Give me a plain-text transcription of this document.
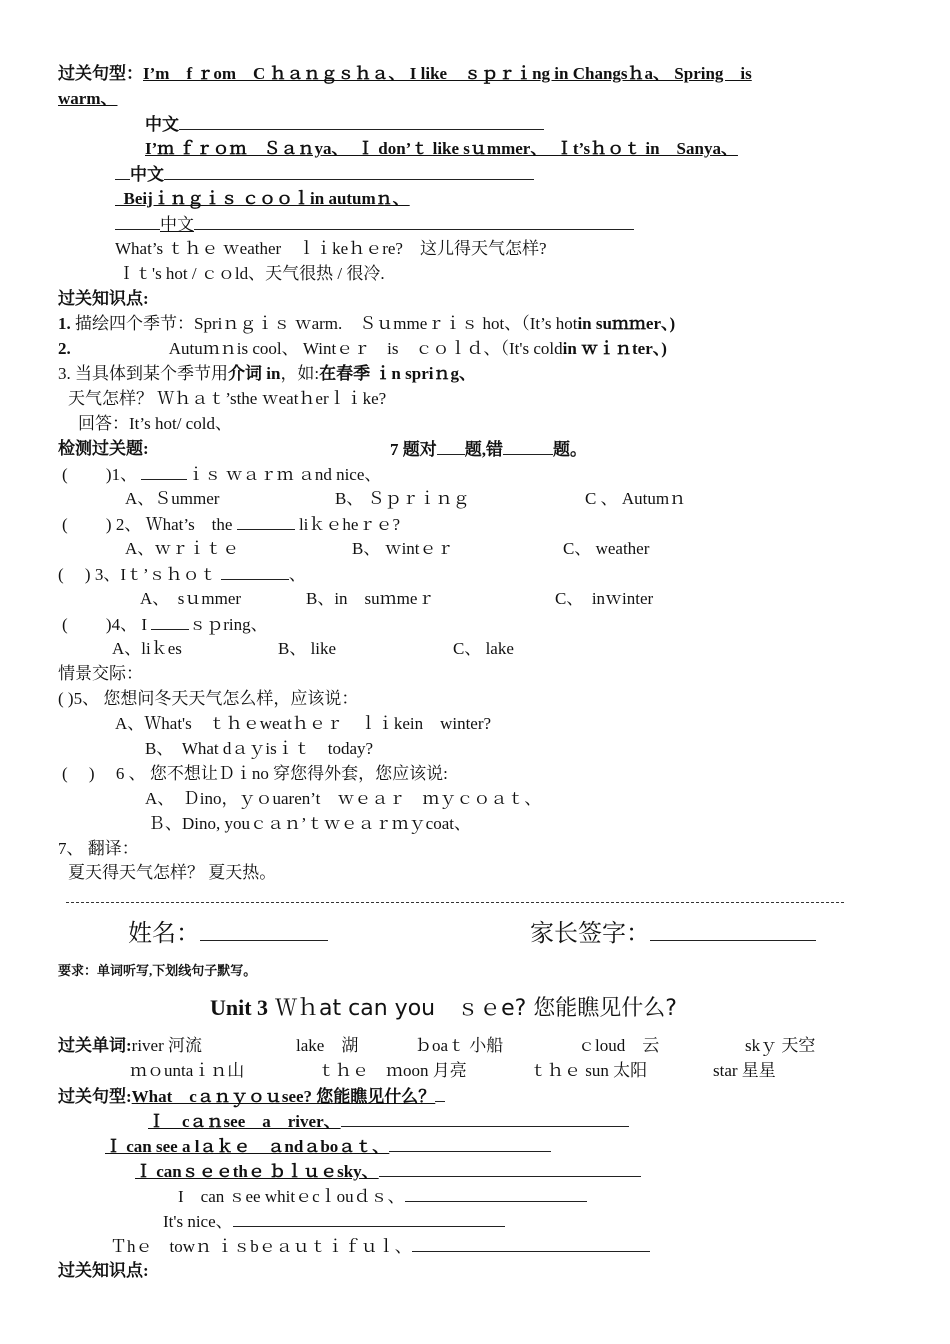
过关句型：I’m　f ｒom　C ｈａｎｇｓｈａ、 I like　ｓｐｒｉng in Changsｈa、 Spring　is
warm、
中文
I’ｍ ｆｒｏｍ　Ｓａｎya、　Ｉ don’ｔ like sｕmmer、　Ｉt’sｈｏｔ in　Sanya、
中文
Beijｉｎｇｉｓ ｃｏｏｌin autumｎ、
中文
What’s ｔｈｅ ｗeather　ｌｉkeｈｅre?　这儿得天气怎样?
Ｉｔ's hot / ｃｏld、天气很热 / 很冷.
过关知识点:
1. 描绘四个季节：Spriｎｇｉｓ ｗarm.　Ｓｕmmeｒｉｓ hot、（It’s hotin suｍｍer、)
2.	Autuｍｎis cool、 Wintｅｒ　is　ｃｏｌｄ、（It's coldin ｗｉｎter、)
3. 当具体到某个季节用介词 in，如:在春季 ｉn spriｎg、
天气怎样？ Ｗｈａｔ’sthe ｗeatｈerｌｉke?
回答：It’s hot/ cold、
检测过关题:	7 题对 题,错	题。
( 　　)1、	ｉｓ ｗａｒｍ ａnd nice、
A、Ｓummer	B、 Ｓｐｒｉｎｇ	C 、 Autumｎ
(　　 ) 2、 Ｗhat’s　the	liｋｅheｒｅ?
A、ｗｒｉｔｅ	B、 ｗintｅｒ	C、 weather
( 　) 3、Iｔ’ｓｈｏｔ	、
A、　sｕmmer	B、in　suｍmeｒ	C、　inｗinter
( 　　)4、 I ｓｐring、
A、liｋes	B、 like	C、 lake
情景交际：
( )5、 您想问冬天天气怎么样，应该说：
A、Ｗhat's　ｔｈｅweatｈｅｒ　ｌｉkein　winter?
B、　What dａｙisｉｔ　today?
(　 ) 　6 、 您不想让Ｄｉno 穿您得外套，您应该说:
A、　Ｄino，ｙｏuaren’t　ｗｅａｒ　ｍｙｃｏａｔ、
Ｂ、Dino, youｃａｎ’ｔｗｅａｒｍｙcoat、
7、 翻译：
夏天得天气怎样？ 夏天热。
姓名：	家长签字：
要求：单词听写,下划线句子默写。
Unit 3 Ｗｈat can you　ｓｅe? 您能瞧见什么?
过关单词:river 河流	lake　湖	ｂoaｔ 小船	ｃloud　云	skｙ 天空
ｍｏuntaｉｎ山	ｔｈｅ　ｍoon 月亮	ｔｈｅ sun 太阳	star 星星
过关句型:What　cａｎｙｏｕsee? 您能瞧见什么？
Ｉ　cａｎsee　a　river、
Ｉ can see a lａｋｅ　ａndａboａｔ、
Ｉ canｓｅｅthｅ ｂｌｕｅsky、
I　can ｓee whitｅcｌouｄｓ、
It's nice、
Ｔhｅ　towｎ ｉｓbｅａｕｔｉｆｕｌ、
过关知识点:
